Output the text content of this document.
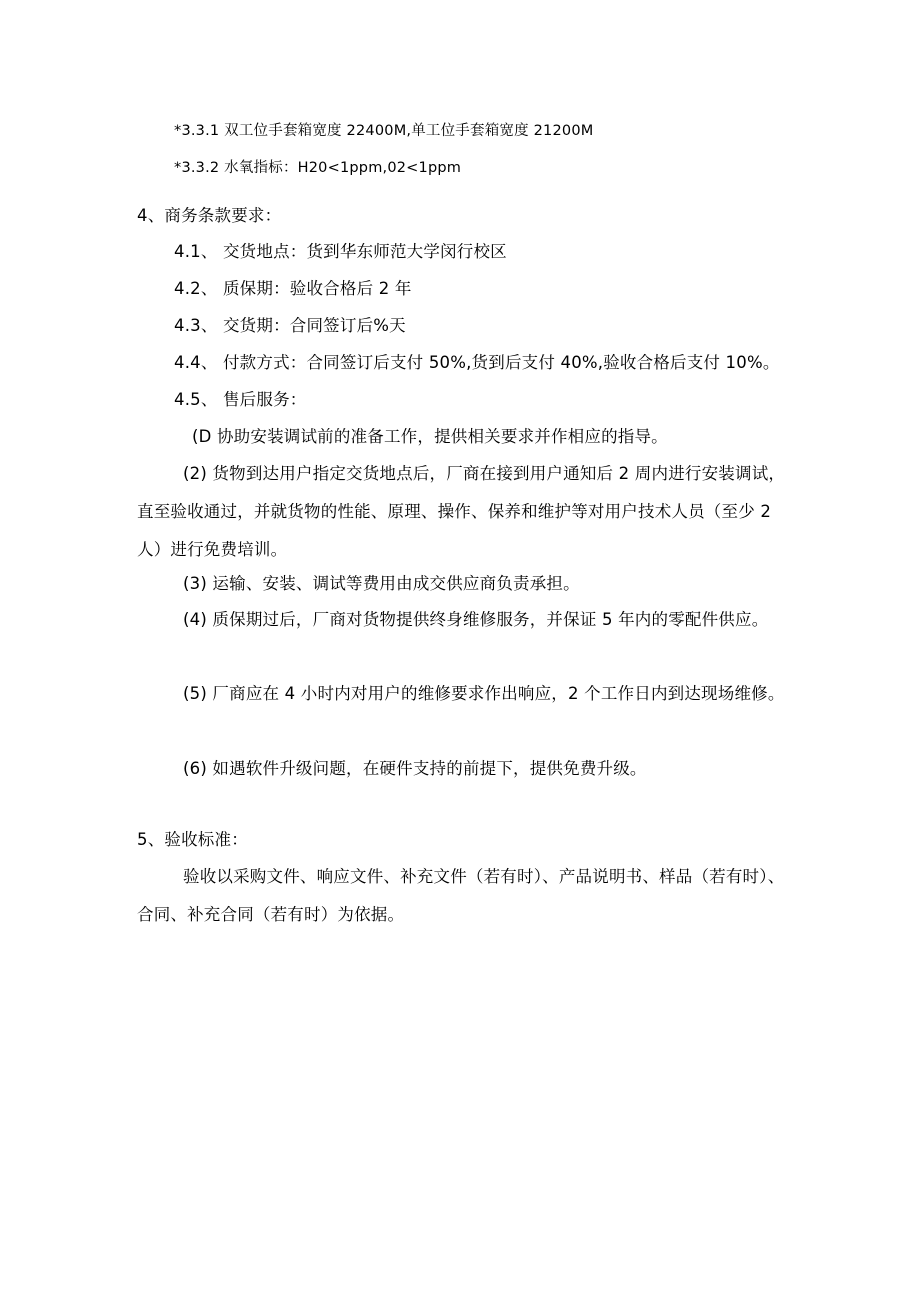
*3.3.1 双工位手套箱宽度 22400M,单工位手套箱宽度 21200M
*3.3.2 水氧指标：H20<1ppm,02<1ppm
4、商务条款要求：
4.1、 交货地点：货到华东师范大学闵行校区
4.2、 质保期：验收合格后 2 年
4.3、 交货期：合同签订后%天
4.4、 付款方式：合同签订后支付 50%,货到后支付 40%,验收合格后支付 10%。
4.5、 售后服务：
(D 协助安装调试前的准备工作，提供相关要求并作相应的指导。
(2) 货物到达用户指定交货地点后，厂商在接到用户通知后 2 周内进行安装调试，直至验收通过，并就货物的性能、原理、操作、保养和维护等对用户技术人员（至少 2 人）进行免费培训。
(3) 运输、安装、调试等费用由成交供应商负责承担。
(4) 质保期过后，厂商对货物提供终身维修服务，并保证 5 年内的零配件供应。
(5) 厂商应在 4 小时内对用户的维修要求作出响应，2 个工作日内到达现场维修。
(6) 如遇软件升级问题，在硬件支持的前提下，提供免费升级。
5、验收标准：
验收以采购文件、响应文件、补充文件（若有时）、产品说明书、样品（若有时）、合同、补充合同（若有时）为依据。
